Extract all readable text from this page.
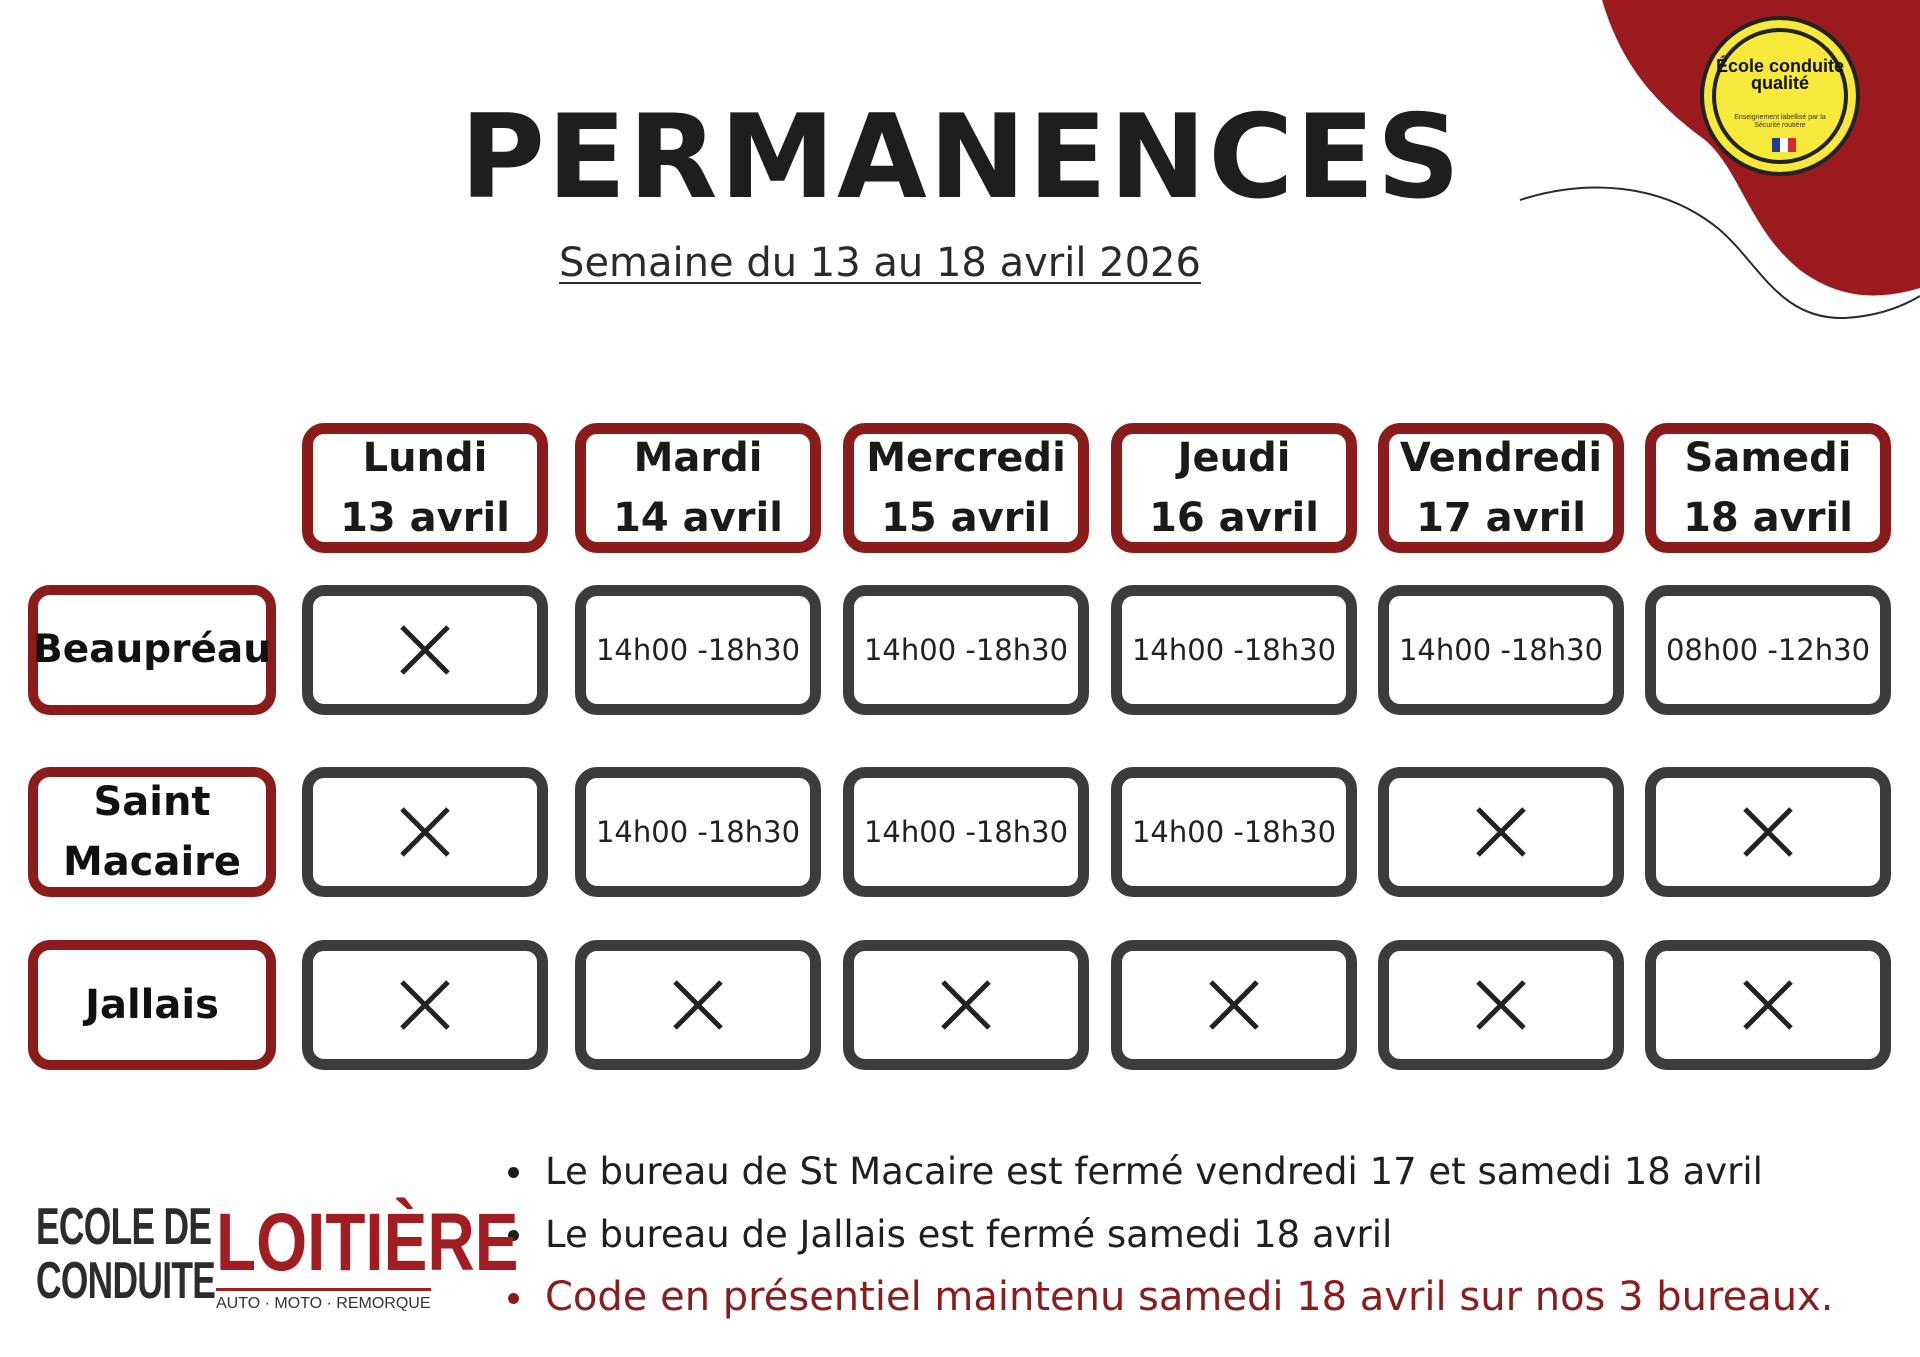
École conduite qualité
Enseignement labellisé par la Sécurité routière
PERMANENCES
Semaine du 13 au 18 avril 2026
Lundi
13 avril
Mardi
14 avril
Mercredi
15 avril
Jeudi
16 avril
Vendredi
17 avril
Samedi
18 avril
Beaupréau
Saint
Macaire
Jallais
14h00 -18h30 14h00 -18h30 14h00 -18h30 14h00 -18h30 08h00 -12h30
14h00 -18h30 14h00 -18h30 14h00 -18h30
Le bureau de St Macaire est fermé vendredi 17 et samedi 18 avril
Le bureau de Jallais est fermé samedi 18 avril
Code en présentiel maintenu samedi 18 avril sur nos 3 bureaux.
ECOLE DE
CONDUITE LOITIÈRE
AUTO · MOTO · REMORQUE
